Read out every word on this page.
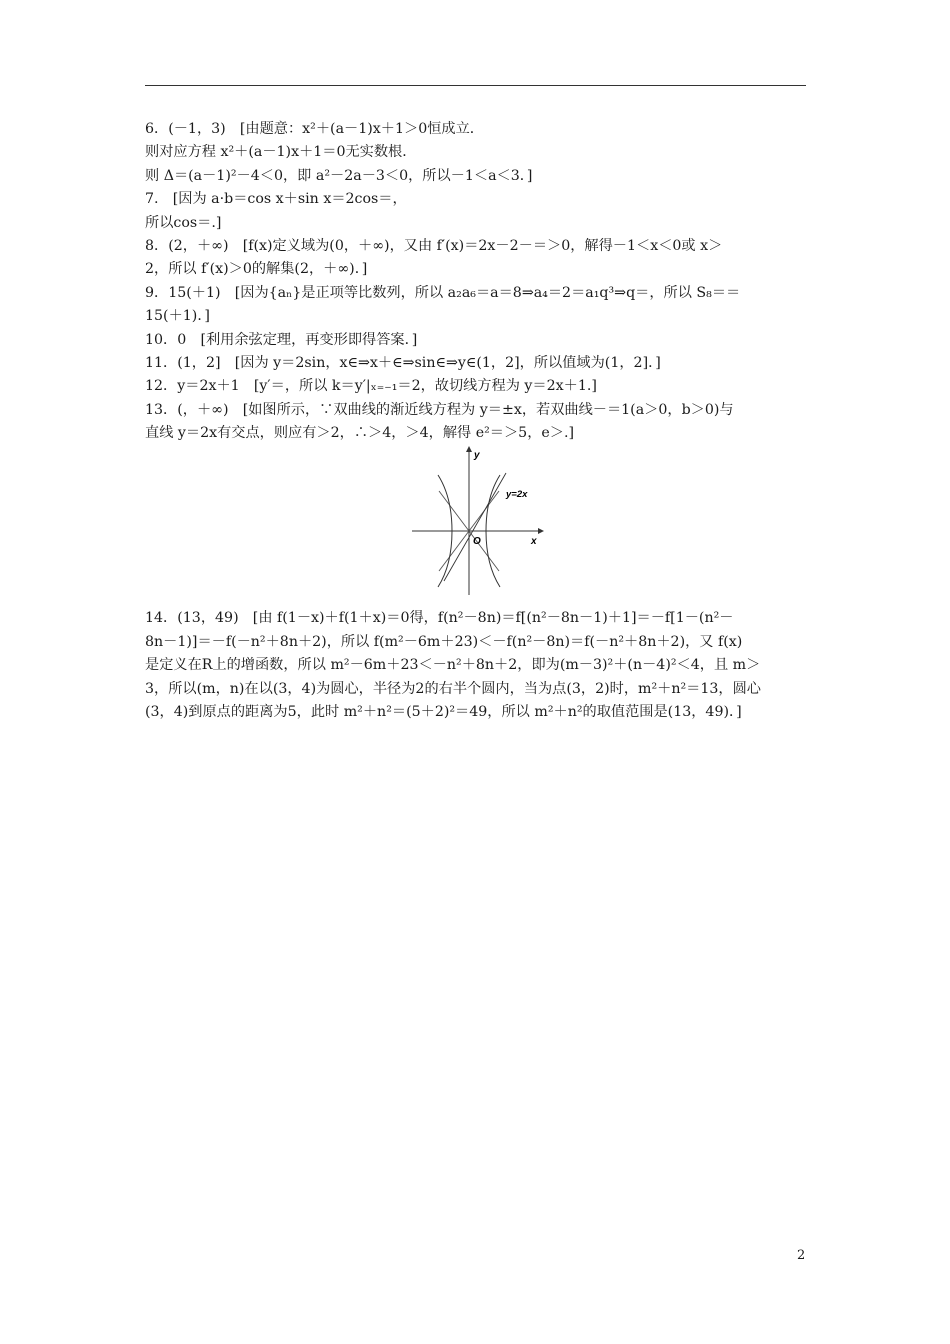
6．(－1，3)　[由题意：x²＋(a－1)x＋1＞0恒成立．
则对应方程 x²＋(a－1)x＋1＝0无实数根．
则 Δ＝(a－1)²－4＜0，即 a²－2a－3＜0，所以－1＜a＜3．]
7.　[因为 a·b＝cos x＋sin x＝2cos＝，
所以cos＝.]
8．(2，＋∞)　[f(x)定义域为(0，＋∞)，又由 f′(x)＝2x－2－＝＞0，解得－1＜x＜0或 x＞
2，所以 f′(x)＞0的解集(2，＋∞)．]
9．15(＋1)　[因为{aₙ}是正项等比数列，所以 a₂a₆＝a＝8⇒a₄＝2＝a₁q³⇒q＝，所以 S₈＝＝
15(＋1)．]
10．0　[利用余弦定理，再变形即得答案．]
11．(1，2]　[因为 y＝2sin，x∈⇒x＋∈⇒sin∈⇒y∈(1，2]，所以值域为(1，2]．]
12．y＝2x＋1　[y′＝，所以 k＝y′|ₓ₌₋₁＝2，故切线方程为 y＝2x＋1.]
13．(，＋∞)　[如图所示，∵双曲线的渐近线方程为 y＝±x，若双曲线－＝1(a＞0，b＞0)与
直线 y＝2x有交点，则应有＞2，∴＞4，＞4，解得 e²＝＞5，e＞.]
y
x
O
y=2x
14．(13，49)　[由 f(1－x)＋f(1＋x)＝0得，f(n²－8n)＝f[(n²－8n－1)＋1]＝－f[1－(n²－
8n－1)]＝－f(－n²＋8n＋2)，所以 f(m²－6m＋23)＜－f(n²－8n)＝f(－n²＋8n＋2)，又 f(x)
是定义在R上的增函数，所以 m²－6m＋23＜－n²＋8n＋2，即为(m－3)²＋(n－4)²＜4，且 m＞
3，所以(m，n)在以(3，4)为圆心，半径为2的右半个圆内，当为点(3，2)时，m²＋n²＝13，圆心
(3，4)到原点的距离为5，此时 m²＋n²＝(5＋2)²＝49，所以 m²＋n²的取值范围是(13，49)．]
2
